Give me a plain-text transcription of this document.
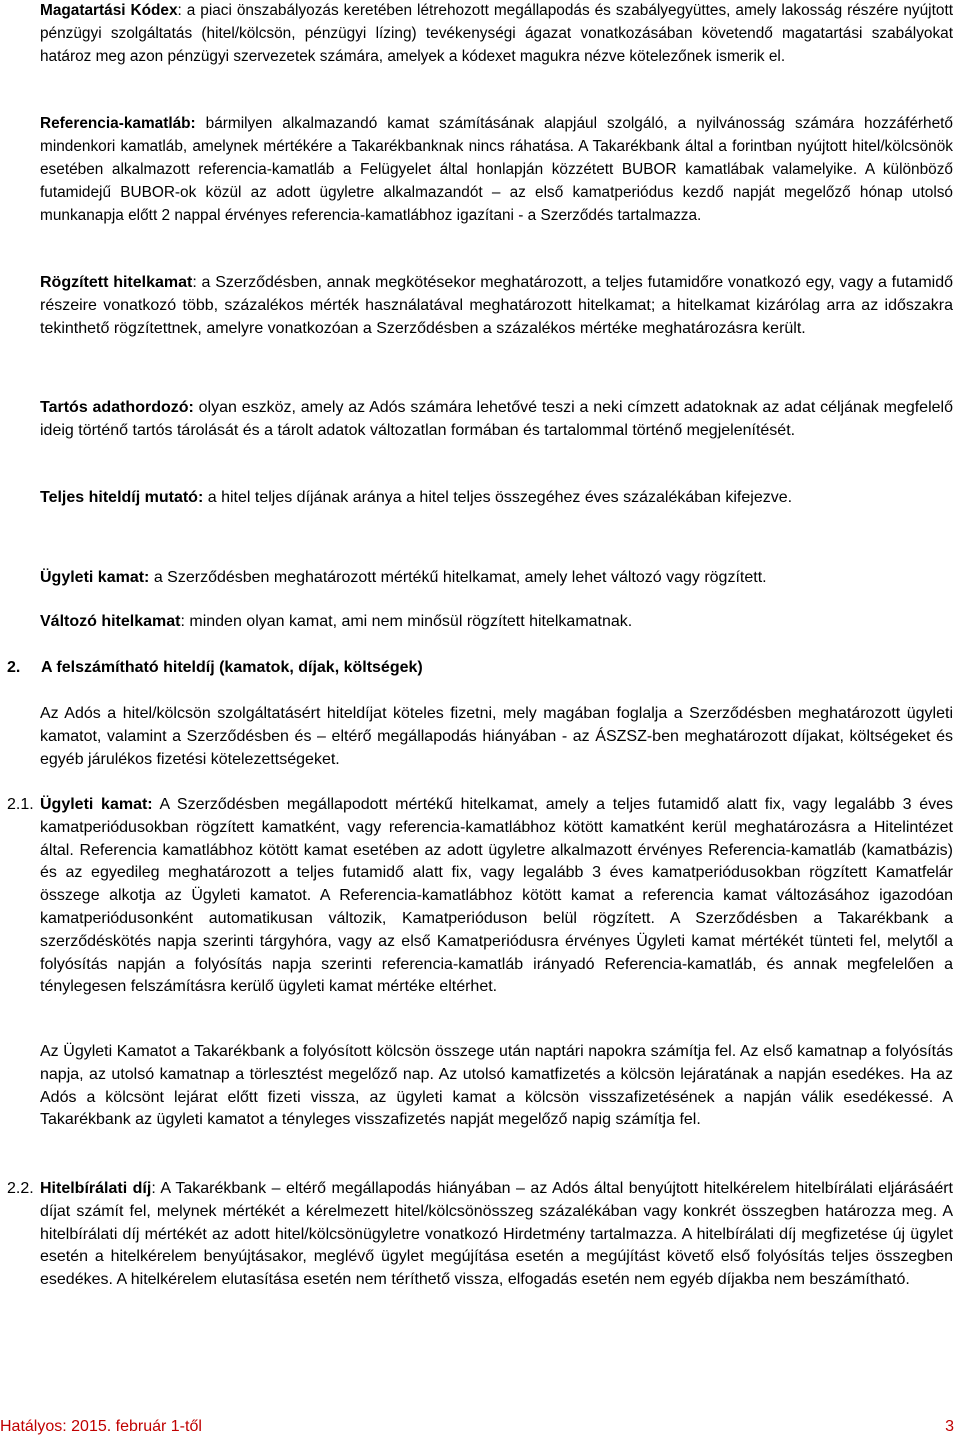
Magatartási Kódex: a piaci önszabályozás keretében létrehozott megállapodás és szabályegyüttes, amely lakosság részére nyújtott pénzügyi szolgáltatás (hitel/kölcsön, pénzügyi lízing) tevékenységi ágazat vonatkozásában követendő magatartási szabályokat határoz meg azon pénzügyi szervezetek számára, amelyek a kódexet magukra nézve kötelezőnek ismerik el.

Referencia-kamatláb: bármilyen alkalmazandó kamat számításának alapjául szolgáló, a nyilvánosság számára hozzáférhető mindenkori kamatláb, amelynek mértékére a Takarékbanknak nincs ráhatása. A Takarékbank által a forintban nyújtott hitel/kölcsönök esetében alkalmazott referencia-kamatláb a Felügyelet által honlapján közzétett BUBOR kamatlábak valamelyike. A különböző futamidejű BUBOR-ok közül az adott ügyletre alkalmazandót – az első kamatperiódus kezdő napját megelőző hónap utolsó munkanapja előtt 2 nappal érvényes referencia-kamatlábhoz igazítani - a Szerződés tartalmazza.

Rögzített hitelkamat: a Szerződésben, annak megkötésekor meghatározott, a teljes futamidőre vonatkozó egy, vagy a futamidő részeire vonatkozó több, százalékos mérték használatával meghatározott hitelkamat; a hitelkamat kizárólag arra az időszakra tekinthető rögzítettnek, amelyre vonatkozóan a Szerződésben a százalékos mértéke meghatározásra került.

Tartós adathordozó: olyan eszköz, amely az Adós számára lehetővé teszi a neki címzett adatoknak az adat céljának megfelelő ideig történő tartós tárolását és a tárolt adatok változatlan formában és tartalommal történő megjelenítését.

Teljes hiteldíj mutató: a hitel teljes díjának aránya a hitel teljes összegéhez éves százalékában kifejezve.

Ügyleti kamat: a Szerződésben meghatározott mértékű hitelkamat, amely lehet változó vagy rögzített.

Változó hitelkamat: minden olyan kamat, ami nem minősül rögzített hitelkamatnak.

2. A felszámítható hiteldíj (kamatok, díjak, költségek)

Az Adós a hitel/kölcsön szolgáltatásért hiteldíjat köteles fizetni, mely magában foglalja a Szerződésben meghatározott ügyleti kamatot, valamint a Szerződésben és – eltérő megállapodás hiányában - az ÁSZSZ-ben meghatározott díjakat, költségeket és egyéb járulékos fizetési kötelezettségeket.

2.1. Ügyleti kamat: A Szerződésben megállapodott mértékű hitelkamat, amely a teljes futamidő alatt fix, vagy legalább 3 éves kamatperiódusokban rögzített kamatként, vagy referencia-kamatlábhoz kötött kamatként kerül meghatározásra a Hitelintézet által. Referencia kamatlábhoz kötött kamat esetében az adott ügyletre alkalmazott érvényes Referencia-kamatláb (kamatbázis) és az egyedileg meghatározott a teljes futamidő alatt fix, vagy legalább 3 éves kamatperiódusokban rögzített Kamatfelár összege alkotja az Ügyleti kamatot. A Referencia-kamatlábhoz kötött kamat a referencia kamat változásához igazodóan kamatperiódusonként automatikusan változik, Kamatperióduson belül rögzített. A Szerződésben a Takarékbank a szerződéskötés napja szerinti tárgyhóra, vagy az első Kamatperiódusra érvényes Ügyleti kamat mértékét tünteti fel, melytől a folyósítás napján a folyósítás napja szerinti referencia-kamatláb irányadó Referencia-kamatláb, és annak megfelelően a ténylegesen felszámításra kerülő ügyleti kamat mértéke eltérhet.

Az Ügyleti Kamatot a Takarékbank a folyósított kölcsön összege után naptári napokra számítja fel. Az első kamatnap a folyósítás napja, az utolsó kamatnap a törlesztést megelőző nap. Az utolsó kamatfizetés a kölcsön lejáratának a napján esedékes. Ha az Adós a kölcsönt lejárat előtt fizeti vissza, az ügyleti kamat a kölcsön visszafizetésének a napján válik esedékessé. A Takarékbank az ügyleti kamatot a tényleges visszafizetés napját megelőző napig számítja fel.

2.2. Hitelbírálati díj: A Takarékbank – eltérő megállapodás hiányában – az Adós által benyújtott hitelkérelem hitelbírálati eljárásáért díjat számít fel, melynek mértékét a kérelmezett hitel/kölcsönösszeg százalékában vagy konkrét összegben határozza meg. A hitelbírálati díj mértékét az adott hitel/kölcsönügyletre vonatkozó Hirdetmény tartalmazza. A hitelbírálati díj megfizetése új ügylet esetén a hitelkérelem benyújtásakor, meglévő ügylet megújítása esetén a megújítást követő első folyósítás teljes összegben esedékes. A hitelkérelem elutasítása esetén nem téríthető vissza, elfogadás esetén nem egyéb díjakba nem beszámítható.

Hatályos: 2015. február 1-től	3
